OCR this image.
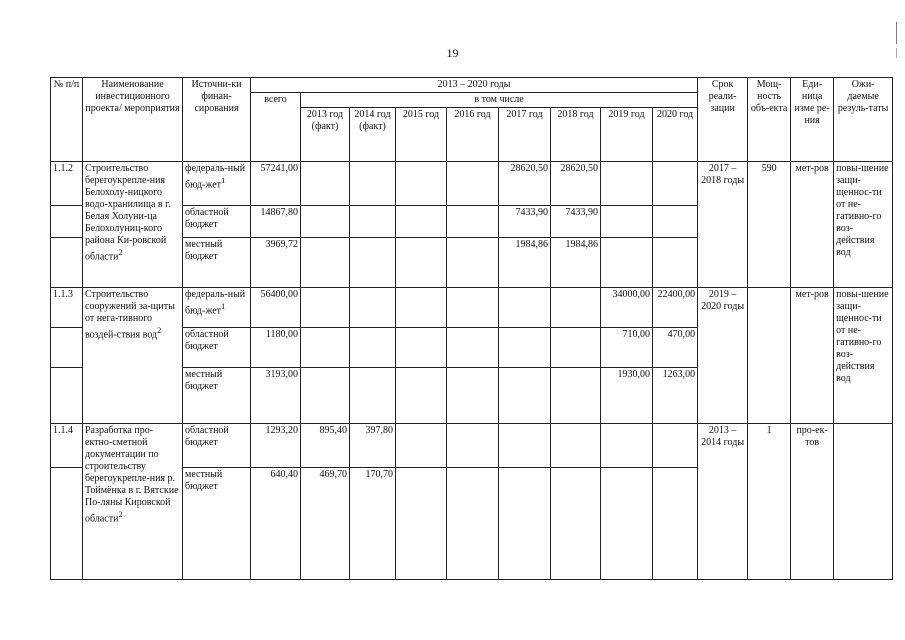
19
№ п/п	Наименование инвестиционного проекта/ мероприятия	Источни-ки финан-сирования	2013 – 2020 годы									Срок реали-зации	Мощ-ность объ-екта	Еди-ница изме ре-ния	Ожи-даемые резуль-таты
			всего	в том числе											
				2013 год (факт)	2014 год (факт)	2015 год	2016 год	2017 год	2018 год	2019 год	2020 год				
1.1.2	Строительство берегоукрепле-ния Белохолу-ницкого водо-хранилища в г. Белая Холуни-ца Белохолуниц-кого района Ки-ровской области$^2$	федераль-ный бюд-жет$^1$	57241,00					28620,50	28620,50			2017 – 2018 годы	590	мет-ров	повы-шение защи-щеннос-ти от не-гативно-го воз-действия вод
		областной бюджет	14867,80					7433,90	7433,90						
		местный бюджет	3969,72					1984,86	1984,86						
1.1.3	Строительство сооружений за-щиты от нега-тивного воздей-ствия вод$^2$	федераль-ный бюд-жет$^1$	56400,00							34000,00	22400,00	2019 – 2020 годы		мет-ров	повы-шение защи-щеннос-ти от не-гативно-го воз-действия вод
		областной бюджет	1180,00							710,00	470,00				
		местный бюджет	3193,00							1930,00	1263,00				
1.1.4	Разработка про-ектно-сметной документации по строительству берегоукрепле-ния р. Тоймёнка в г. Вятские По-ляны Кировской области$^2$	областной бюджет	1293,20	895,40	397,80							2013 – 2014 годы	1	про-ек-тов	
		местный бюджет	640,40	469,70	170,70										
